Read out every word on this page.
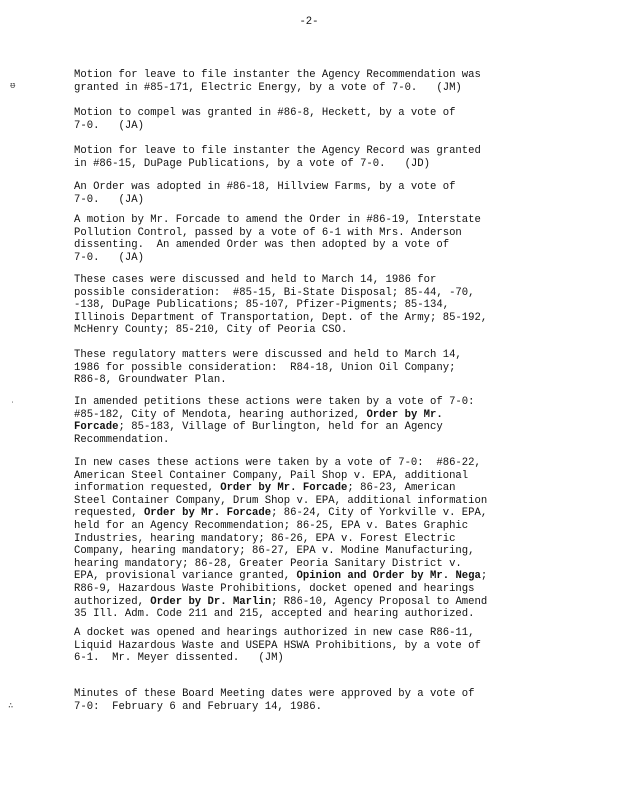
-2-
ᵿ
ʿ
∴
Motion for leave to file instanter the Agency Recommendation was
granted in #85-171, Electric Energy, by a vote of 7-0.   (JM)
Motion to compel was granted in #86-8, Heckett, by a vote of
7-0.   (JA)
Motion for leave to file instanter the Agency Record was granted
in #86-15, DuPage Publications, by a vote of 7-0.   (JD)
An Order was adopted in #86-18, Hillview Farms, by a vote of
7-0.   (JA)
A motion by Mr. Forcade to amend the Order in #86-19, Interstate
Pollution Control, passed by a vote of 6-1 with Mrs. Anderson
dissenting.  An amended Order was then adopted by a vote of
7-0.   (JA)
These cases were discussed and held to March 14, 1986 for
possible consideration:  #85-15, Bi-State Disposal; 85-44, -70,
-138, DuPage Publications; 85-107, Pfizer-Pigments; 85-134,
Illinois Department of Transportation, Dept. of the Army; 85-192,
McHenry County; 85-210, City of Peoria CSO.
These regulatory matters were discussed and held to March 14,
1986 for possible consideration:  R84-18, Union Oil Company;
R86-8, Groundwater Plan.
In amended petitions these actions were taken by a vote of 7-0:
#85-182, City of Mendota, hearing authorized, Order by Mr.
Forcade; 85-183, Village of Burlington, held for an Agency
Recommendation.
In new cases these actions were taken by a vote of 7-0:  #86-22,
American Steel Container Company, Pail Shop v. EPA, additional
information requested, Order by Mr. Forcade; 86-23, American
Steel Container Company, Drum Shop v. EPA, additional information
requested, Order by Mr. Forcade; 86-24, City of Yorkville v. EPA,
held for an Agency Recommendation; 86-25, EPA v. Bates Graphic
Industries, hearing mandatory; 86-26, EPA v. Forest Electric
Company, hearing mandatory; 86-27, EPA v. Modine Manufacturing,
hearing mandatory; 86-28, Greater Peoria Sanitary District v.
EPA, provisional variance granted, Opinion and Order by Mr. Nega;
R86-9, Hazardous Waste Prohibitions, docket opened and hearings
authorized, Order by Dr. Marlin; R86-10, Agency Proposal to Amend
35 Ill. Adm. Code 211 and 215, accepted and hearing authorized.
A docket was opened and hearings authorized in new case R86-11,
Liquid Hazardous Waste and USEPA HSWA Prohibitions, by a vote of
6-1.  Mr. Meyer dissented.   (JM)
Minutes of these Board Meeting dates were approved by a vote of
7-0:  February 6 and February 14, 1986.
